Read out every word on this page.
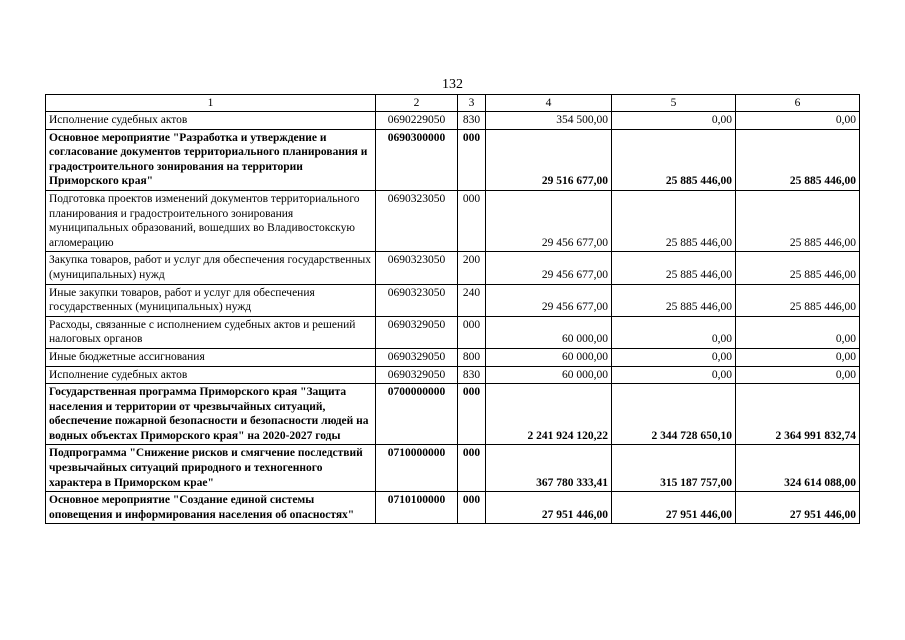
132
1	2	3	4	5	6
Исполнение судебных актов	0690229050	830	354 500,00	0,00	0,00
Основное мероприятие "Разработка и утверждение и согласование документов территориального планирования и градостроительного зонирования на территории Приморского края"	0690300000	000	29 516 677,00	25 885 446,00	25 885 446,00
Подготовка проектов изменений документов территориального планирования и градостроительного зонирования муниципальных образований, вошедших во Владивостокскую агломерацию	0690323050	000	29 456 677,00	25 885 446,00	25 885 446,00
Закупка товаров, работ и услуг для обеспечения государственных (муниципальных) нужд	0690323050	200	29 456 677,00	25 885 446,00	25 885 446,00
Иные закупки товаров, работ и услуг для обеспечения государственных (муниципальных) нужд	0690323050	240	29 456 677,00	25 885 446,00	25 885 446,00
Расходы, связанные с исполнением судебных актов и решений налоговых органов	0690329050	000	60 000,00	0,00	0,00
Иные бюджетные ассигнования	0690329050	800	60 000,00	0,00	0,00
Исполнение судебных актов	0690329050	830	60 000,00	0,00	0,00
Государственная программа Приморского края "Защита населения и территории от чрезвычайных ситуаций, обеспечение пожарной безопасности и безопасности людей на водных объектах Приморского края" на 2020-2027 годы	0700000000	000	2 241 924 120,22	2 344 728 650,10	2 364 991 832,74
Подпрограмма "Снижение рисков и смягчение последствий чрезвычайных ситуаций природного и техногенного характера в Приморском крае"	0710000000	000	367 780 333,41	315 187 757,00	324 614 088,00
Основное мероприятие "Создание единой системы оповещения и информирования населения об опасностях"	0710100000	000	27 951 446,00	27 951 446,00	27 951 446,00
